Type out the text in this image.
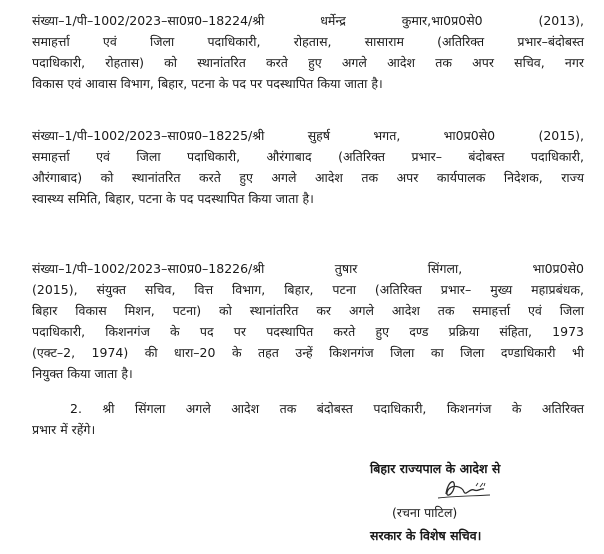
संख्या–1/पी–1002/2023–सा0प्र0–18224/श्री धर्मेन्द्र कुमार,भा0प्र0से0 (2013),
समाहर्त्ता एवं जिला पदाधिकारी, रोहतास, सासाराम (अतिरिक्त प्रभार–बंदोबस्त
पदाधिकारी, रोहतास) को स्थानांतरित करते हुए अगले आदेश तक अपर सचिव, नगर
विकास एवं आवास विभाग, बिहार, पटना के पद पर पदस्थापित किया जाता है।
संख्या–1/पी–1002/2023–सा0प्र0–18225/श्री सुहर्ष भगत, भा0प्र0से0 (2015),
समाहर्त्ता एवं जिला पदाधिकारी, औरंगाबाद (अतिरिक्त प्रभार– बंदोबस्त पदाधिकारी,
औरंगाबाद) को स्थानांतरित करते हुए अगले आदेश तक अपर कार्यपालक निदेशक, राज्य
स्वास्थ्य समिति, बिहार, पटना के पद पदस्थापित किया जाता है।
संख्या–1/पी–1002/2023–सा0प्र0–18226/श्री तुषार सिंगला, भा0प्र0से0
(2015), संयुक्त सचिव, वित्त विभाग, बिहार, पटना (अतिरिक्त प्रभार– मुख्य महाप्रबंधक,
बिहार विकास मिशन, पटना) को स्थानांतरित कर अगले आदेश तक समाहर्त्ता एवं जिला
पदाधिकारी, किशनगंज के पद पर पदस्थापित करते हुए दण्ड प्रक्रिया संहिता, 1973
(एक्ट–2, 1974) की धारा–20 के तहत उन्हें किशनगंज जिला का जिला दण्डाधिकारी भी
नियुक्त किया जाता है।
2. श्री सिंगला अगले आदेश तक बंदोबस्त पदाधिकारी, किशनगंज के अतिरिक्त
प्रभार में रहेंगे।
बिहार राज्यपाल के आदेश से
(रचना पाटिल)
सरकार के विशेष सचिव।
